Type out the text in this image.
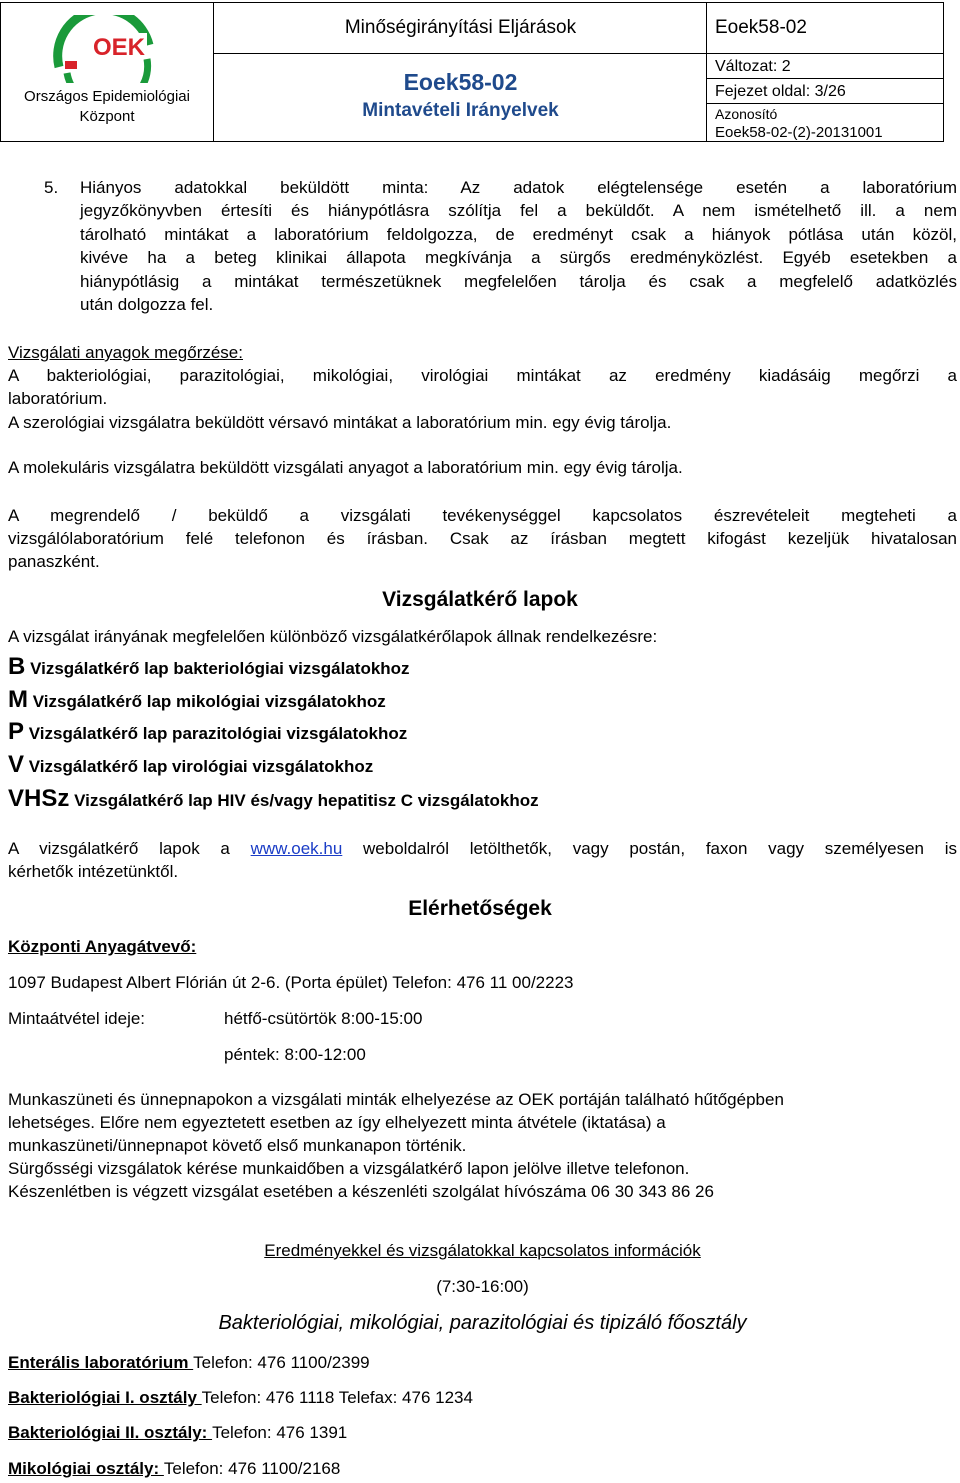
OEK
Országos Epidemiológiai
Központ
Minőségirányítási Eljárások
Eoek58-02
Mintavételi Irányelvek
Eoek58-02
Változat: 2
Fejezet oldal: 3/26
Azonosító
Eoek58-02-(2)-20131001
5. Hiányos adatokkal beküldött minta: Az adatok elégtelensége esetén a laboratórium
jegyzőkönyvben értesíti és hiánypótlásra szólítja fel a beküldőt. A nem ismételhető ill. a nem
tárolható mintákat a laboratórium feldolgozza, de eredményt csak a hiányok pótlása után közöl,
kivéve ha a beteg klinikai állapota megkívánja a sürgős eredményközlést. Egyéb esetekben a
hiánypótlásig a mintákat természetüknek megfelelően tárolja és csak a megfelelő adatközlés
után dolgozza fel.
Vizsgálati anyagok megőrzése:
A bakteriológiai, parazitológiai, mikológiai, virológiai mintákat az eredmény kiadásáig megőrzi a
laboratórium.
A szerológiai vizsgálatra beküldött vérsavó mintákat a laboratórium min. egy évig tárolja.
A molekuláris vizsgálatra beküldött vizsgálati anyagot a laboratórium min. egy évig tárolja.
A megrendelő / beküldő a vizsgálati tevékenységgel kapcsolatos észrevételeit megteheti a
vizsgálólaboratórium felé telefonon és írásban. Csak az írásban megtett kifogást kezeljük hivatalosan
panaszként.
Vizsgálatkérő lapok
A vizsgálat irányának megfelelően különböző vizsgálatkérőlapok állnak rendelkezésre:
B Vizsgálatkérő lap bakteriológiai vizsgálatokhoz
M Vizsgálatkérő lap mikológiai vizsgálatokhoz
P Vizsgálatkérő lap parazitológiai vizsgálatokhoz
V Vizsgálatkérő lap virológiai vizsgálatokhoz
VHSz Vizsgálatkérő lap HIV és/vagy hepatitisz C vizsgálatokhoz
A vizsgálatkérő lapok a www.oek.hu weboldalról letölthetők, vagy postán, faxon vagy személyesen is
kérhetők intézetünktől.
Elérhetőségek
Központi Anyagátvevő:
1097 Budapest Albert Flórián út 2-6. (Porta épület) Telefon: 476 11 00/2223
Mintaátvétel ideje:	hétfő-csütörtök 8:00-15:00
péntek: 8:00-12:00
Munkaszüneti és ünnepnapokon a vizsgálati minták elhelyezése az OEK portáján található hűtőgépben
lehetséges. Előre nem egyeztetett esetben az így elhelyezett minta átvétele (iktatása) a
munkaszüneti/ünnepnapot követő első munkanapon történik.
Sürgősségi vizsgálatok kérése munkaidőben a vizsgálatkérő lapon jelölve illetve telefonon.
Készenlétben is végzett vizsgálat esetében a készenléti szolgálat hívószáma 06 30 343 86 26
Eredményekkel és vizsgálatokkal kapcsolatos információk
(7:30-16:00)
Bakteriológiai, mikológiai, parazitológiai és tipizáló főosztály
Enterális laboratórium Telefon: 476 1100/2399
Bakteriológiai I. osztály Telefon: 476 1118 Telefax: 476 1234
Bakteriológiai II. osztály: Telefon: 476 1391
Mikológiai osztály: Telefon: 476 1100/2168
